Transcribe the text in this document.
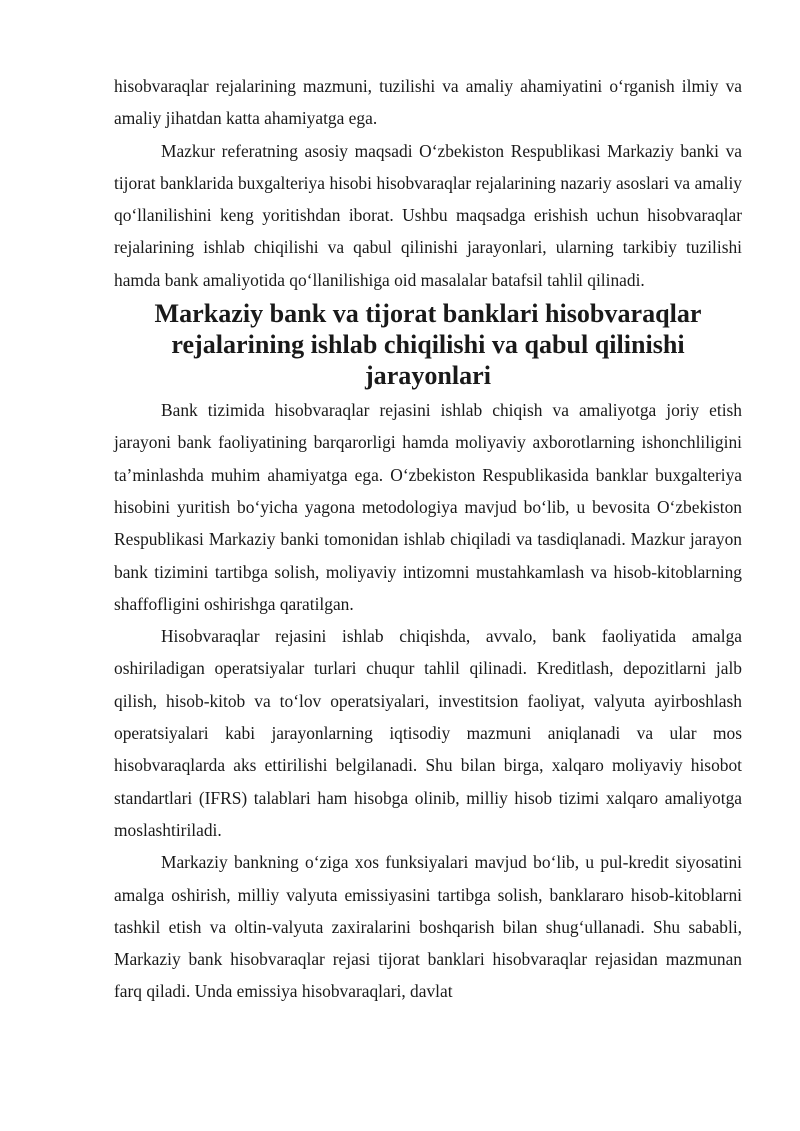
hisobvaraqlar rejalarining mazmuni, tuzilishi va amaliy ahamiyatini o‘rganish ilmiy va amaliy jihatdan katta ahamiyatga ega.

Mazkur referatning asosiy maqsadi O‘zbekiston Respublikasi Markaziy banki va tijorat banklarida buxgalteriya hisobi hisobvaraqlar rejalarining nazariy asoslari va amaliy qo‘llanilishini keng yoritishdan iborat. Ushbu maqsadga erishish uchun hisobvaraqlar rejalarining ishlab chiqilishi va qabul qilinishi jarayonlari, ularning tarkibiy tuzilishi hamda bank amaliyotida qo‘llanilishiga oid masalalar batafsil tahlil qilinadi.

Markaziy bank va tijorat banklari hisobvaraqlar rejalarining ishlab chiqilishi va qabul qilinishi jarayonlari

Bank tizimida hisobvaraqlar rejasini ishlab chiqish va amaliyotga joriy etish jarayoni bank faoliyatining barqarorligi hamda moliyaviy axborotlarning ishonchliligini ta’minlashda muhim ahamiyatga ega. O‘zbekiston Respublikasida banklar buxgalteriya hisobini yuritish bo‘yicha yagona metodologiya mavjud bo‘lib, u bevosita O‘zbekiston Respublikasi Markaziy banki tomonidan ishlab chiqiladi va tasdiqlanadi. Mazkur jarayon bank tizimini tartibga solish, moliyaviy intizomni mustahkamlash va hisob-kitoblarning shaffofligini oshirishga qaratilgan.

Hisobvaraqlar rejasini ishlab chiqishda, avvalo, bank faoliyatida amalga oshiriladigan operatsiyalar turlari chuqur tahlil qilinadi. Kreditlash, depozitlarni jalb qilish, hisob-kitob va to‘lov operatsiyalari, investitsion faoliyat, valyuta ayirboshlash operatsiyalari kabi jarayonlarning iqtisodiy mazmuni aniqlanadi va ular mos hisobvaraqlarda aks ettirilishi belgilanadi. Shu bilan birga, xalqaro moliyaviy hisobot standartlari (IFRS) talablari ham hisobga olinib, milliy hisob tizimi xalqaro amaliyotga moslashtiriladi.

Markaziy bankning o‘ziga xos funksiyalari mavjud bo‘lib, u pul-kredit siyosatini amalga oshirish, milliy valyuta emissiyasini tartibga solish, banklararo hisob-kitoblarni tashkil etish va oltin-valyuta zaxiralarini boshqarish bilan shug‘ullanadi. Shu sababli, Markaziy bank hisobvaraqlar rejasi tijorat banklari hisobvaraqlar rejasidan mazmunan farq qiladi. Unda emissiya hisobvaraqlari, davlat
